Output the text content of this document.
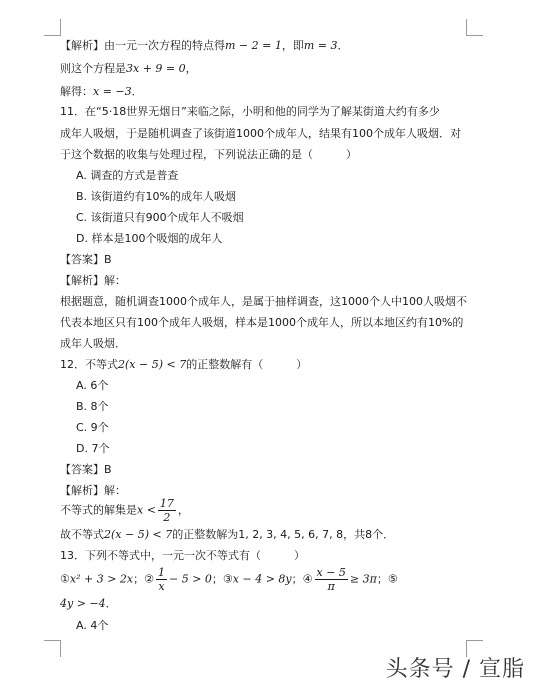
【解析】由一元一次方程的特点得m − 2 = 1，即m = 3．
则这个方程是3x + 9 = 0，
解得：x = −3．
11．在“5·18世界无烟日”来临之际，小明和他的同学为了解某街道大约有多少
成年人吸烟，于是随机调查了该街道1000个成年人，结果有100个成年人吸烟．对
于这个数据的收集与处理过程，下列说法正确的是（　　　）
A. 调查的方式是普查
B. 该街道约有10%的成年人吸烟
C. 该街道只有900个成年人不吸烟
D. 样本是100个吸烟的成年人
【答案】B
【解析】解：
根据题意，随机调查1000个成年人，是属于抽样调查，这1000个人中100人吸烟不
代表本地区只有100个成年人吸烟，样本是1000个成年人，所以本地区约有10%的
成年人吸烟．
12．不等式2(x − 5) < 7的正整数解有（　　　）
A. 6个
B. 8个
C. 9个
D. 7个
【答案】B
【解析】解：
不等式的解集是$x < \frac{17}{2}$ ，
故不等式2(x − 5) < 7的正整数解为1, 2, 3, 4, 5, 6, 7, 8，共8个．
13．下列不等式中，一元一次不等式有（　　　）
①x² + 3 > 2x；② $\frac{1}{x} - 5 > 0$；③x − 4 > 8y；④ $\frac{x - 5}{\pi} \ge 3\pi$；⑤
4y > −4．
A. 4个
头条号 / 宣脂
